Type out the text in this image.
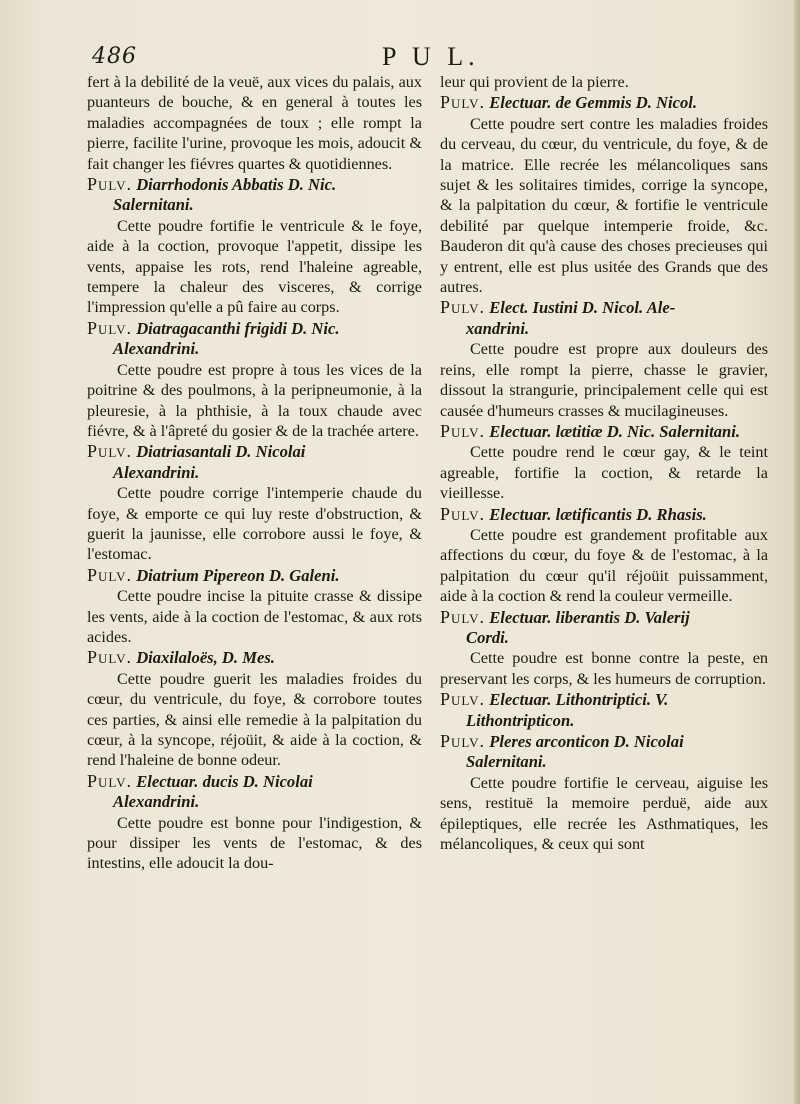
486	P U L.

fert à la debilité de la veuë, aux vices du palais, aux puanteurs de bouche, & en general à toutes les maladies accompagnées de toux ; elle rompt la pierre, facilite l'urine, provoque les mois, adoucit & fait changer les fiévres quartes & quotidiennes.

Pulv. Diarrhodonis Abbatis D. Nic.
Salernitani.

Cette poudre fortifie le ventricule & le foye, aide à la coction, provoque l'appetit, dissipe les vents, appaise les rots, rend l'haleine agreable, tempere la chaleur des visceres, & corrige l'impression qu'elle a pû faire au corps.

Pulv. Diatragacanthi frigidi D. Nic.
Alexandrini.

Cette poudre est propre à tous les vices de la poitrine & des poulmons, à la peripneumonie, à la pleuresie, à la phthisie, à la toux chaude avec fiévre, & à l'âpreté du gosier & de la trachée artere.

Pulv. Diatriasantali D. Nicolai
Alexandrini.

Cette poudre corrige l'intemperie chaude du foye, & emporte ce qui luy reste d'obstruction, & guerit la jaunisse, elle corrobore aussi le foye, & l'estomac.

Pulv. Diatrium Pipereon D. Galeni.

Cette poudre incise la pituite crasse & dissipe les vents, aide à la coction de l'estomac, & aux rots acides.

Pulv. Diaxilaloës, D. Mes.

Cette poudre guerit les maladies froides du cœur, du ventricule, du foye, & corrobore toutes ces parties, & ainsi elle remedie à la palpitation du cœur, à la syncope, réjoüit, & aide à la coction, & rend l'haleine de bonne odeur.

Pulv. Electuar. ducis D. Nicolai
Alexandrini.

Cette poudre est bonne pour l'indigestion, & pour dissiper les vents de l'estomac, & des intestins, elle adoucit la dou-

leur qui provient de la pierre.

Pulv. Electuar. de Gemmis D. Nicol.

Cette poudre sert contre les maladies froides du cerveau, du cœur, du ventricule, du foye, & de la matrice. Elle recrée les mélancoliques sans sujet & les solitaires timides, corrige la syncope, & la palpitation du cœur, & fortifie le ventricule debilité par quelque intemperie froide, &c. Bauderon dit qu'à cause des choses precieuses qui y entrent, elle est plus usitée des Grands que des autres.

Pulv. Elect. Iustini D. Nicol. Ale-
xandrini.

Cette poudre est propre aux douleurs des reins, elle rompt la pierre, chasse le gravier, dissout la strangurie, principalement celle qui est causée d'humeurs crasses & mucilagineuses.

Pulv. Electuar. lætitiæ D. Nic. Salernitani.

Cette poudre rend le cœur gay, & le teint agreable, fortifie la coction, & retarde la vieillesse.

Pulv. Electuar. lætificantis D. Rhasis.

Cette poudre est grandement profitable aux affections du cœur, du foye & de l'estomac, à la palpitation du cœur qu'il réjoüit puissamment, aide à la coction & rend la couleur vermeille.

Pulv. Electuar. liberantis D. Valerij
Cordi.

Cette poudre est bonne contre la peste, en preservant les corps, & les humeurs de corruption.

Pulv. Electuar. Lithontriptici. V.
Lithontripticon.

Pulv. Pleres arconticon D. Nicolai
Salernitani.

Cette poudre fortifie le cerveau, aiguise les sens, restituë la memoire perduë, aide aux épileptiques, elle recrée les Asthmatiques, les mélancoliques, & ceux qui sont
